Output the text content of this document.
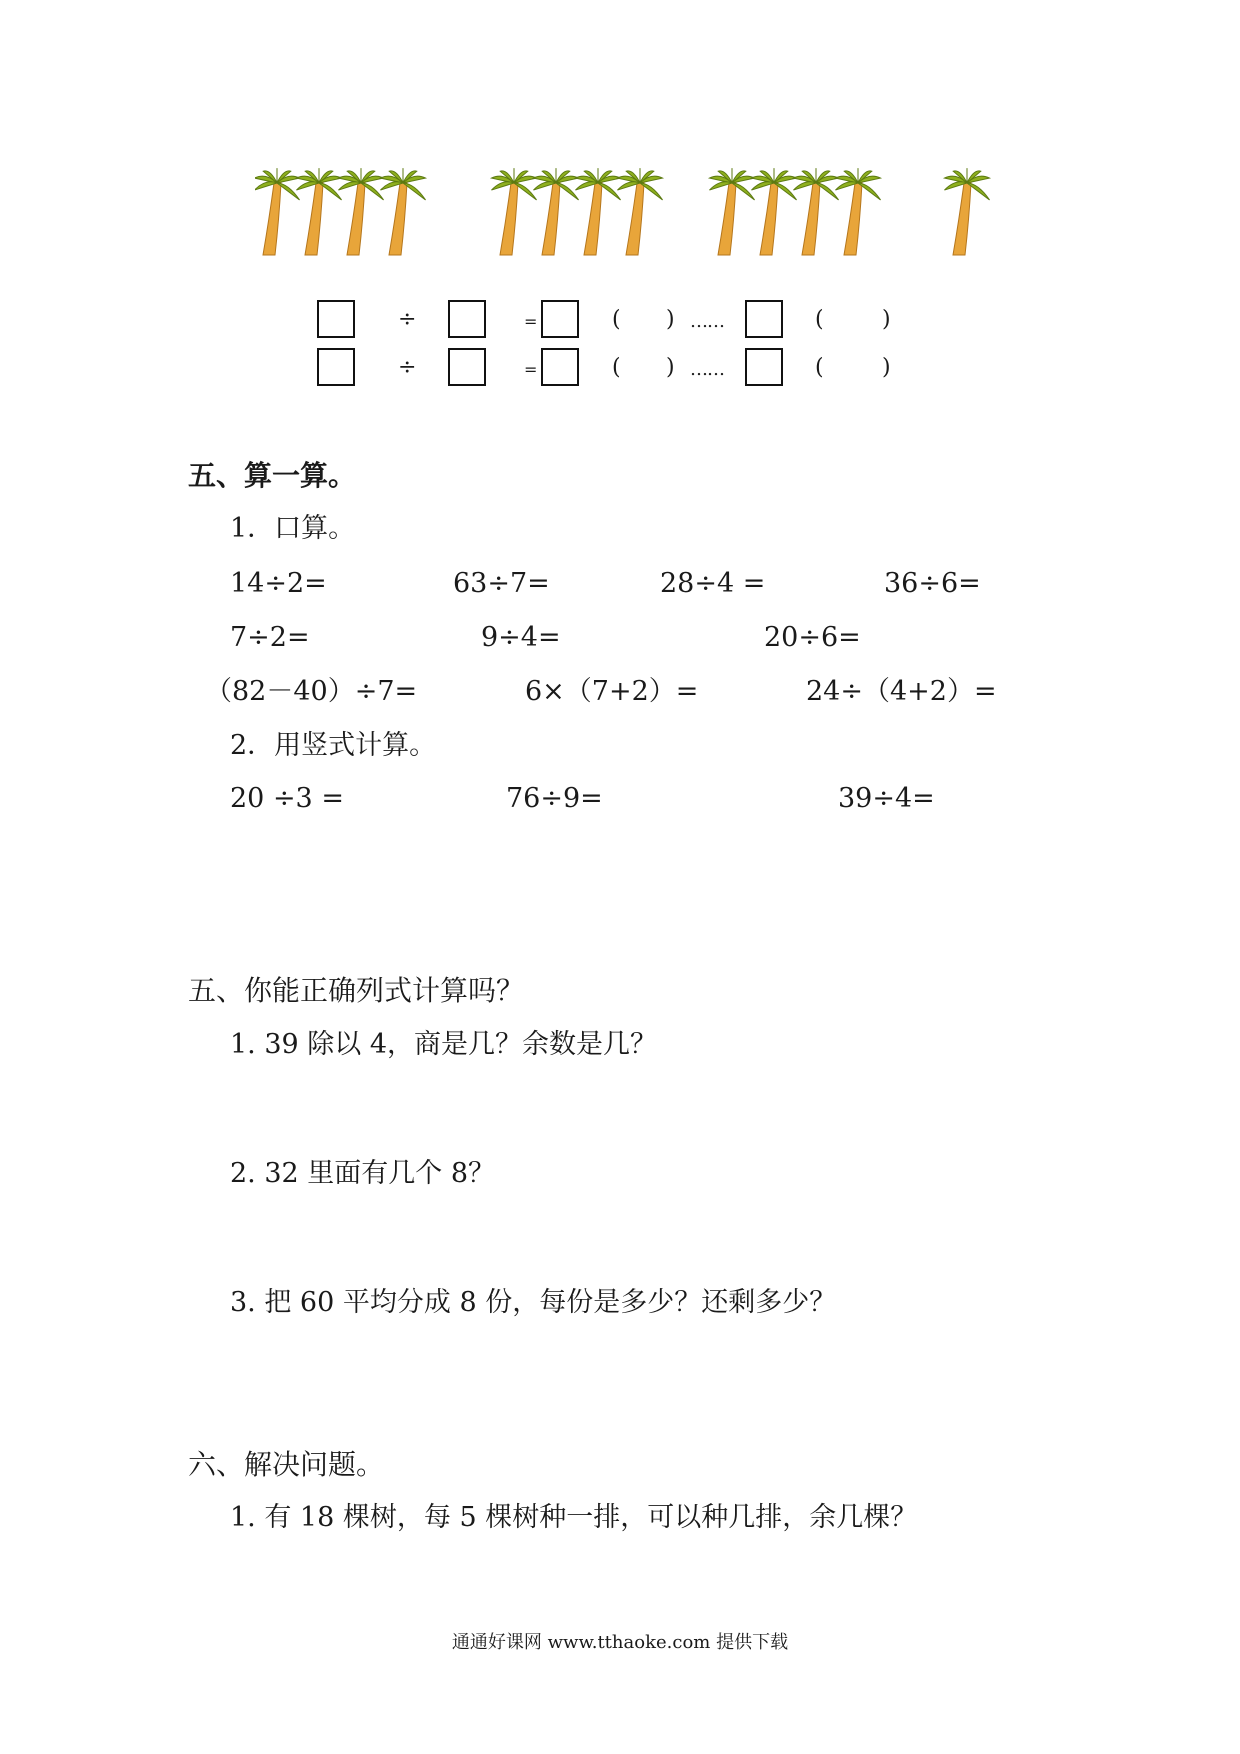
÷	=	( ) ……	(	)
÷	=	( ) ……	(	)
五、算一算。
1．口算。
14÷2=	63÷7=	28÷4 =	36÷6=
7÷2=	9÷4=	20÷6=
（82－40）÷7=	6×（7+2）=	24÷（4+2）=
2．用竖式计算。
20 ÷3 =	76÷9=	39÷4=
五、你能正确列式计算吗？
1. 39 除以 4，商是几？余数是几？
2. 32 里面有几个 8？
3. 把 60 平均分成 8 份，每份是多少？还剩多少？
六、解决问题。
1. 有 18 棵树，每 5 棵树种一排，可以种几排，余几棵？
通通好课网 www.tthaoke.com 提供下载
